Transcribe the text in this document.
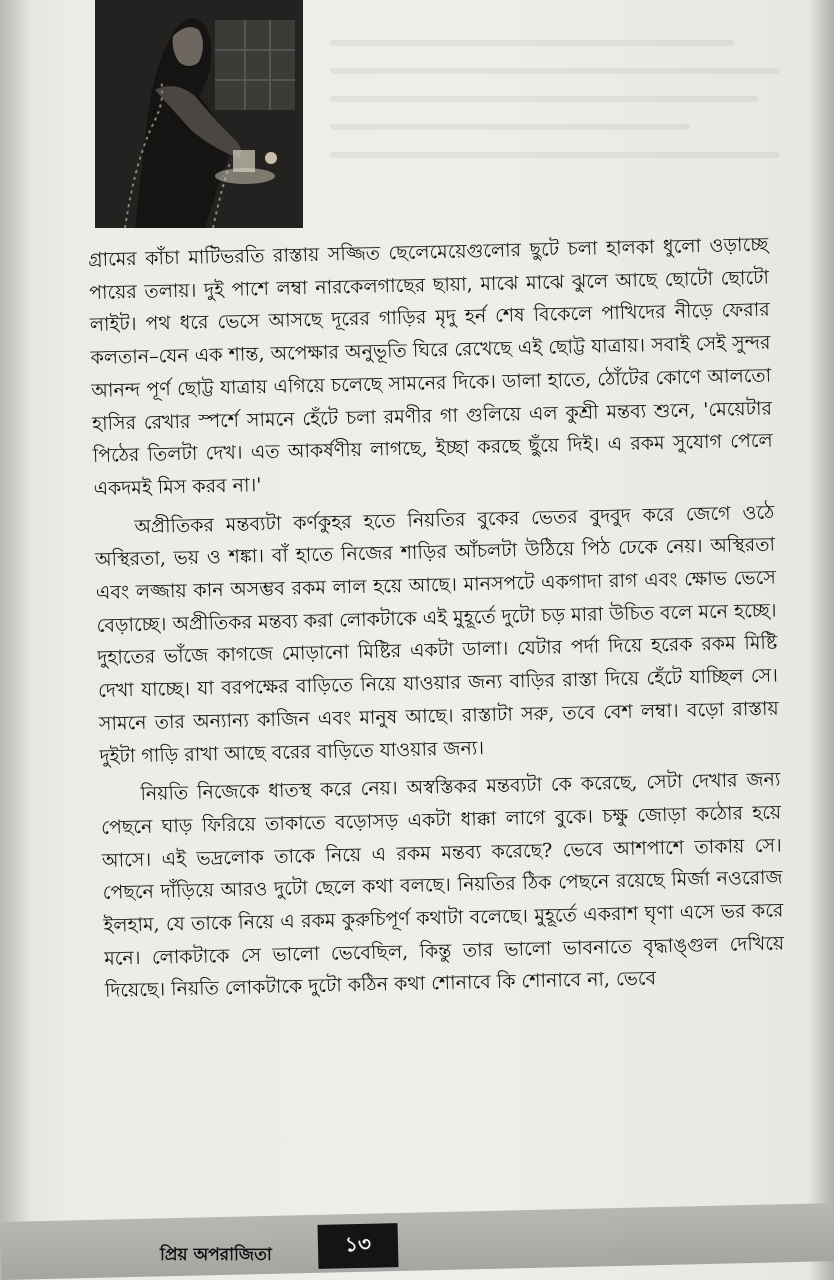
গ্রামের কাঁচা মাটিভরতি রাস্তায় সজ্জিত ছেলেমেয়েগুলোর ছুটে চলা হালকা ধুলো ওড়াচ্ছে পায়ের তলায়। দুই পাশে লম্বা নারকেলগাছের ছায়া, মাঝে মাঝে ঝুলে আছে ছোটো ছোটো লাইট। পথ ধরে ভেসে আসছে দূরের গাড়ির মৃদু হর্ন শেষ বিকেলে পাখিদের নীড়ে ফেরার কলতান–যেন এক শান্ত, অপেক্ষার অনুভূতি ঘিরে রেখেছে এই ছোট্ট যাত্রায়। সবাই সেই সুন্দর আনন্দ পূর্ণ ছোট্ট যাত্রায় এগিয়ে চলেছে সামনের দিকে। ডালা হাতে, ঠোঁটের কোণে আলতো হাসির রেখার স্পর্শে সামনে হেঁটে চলা রমণীর গা গুলিয়ে এল কুশ্রী মন্তব্য শুনে, 'মেয়েটার পিঠের তিলটা দেখ। এত আকর্ষণীয় লাগছে, ইচ্ছা করছে ছুঁয়ে দিই। এ রকম সুযোগ পেলে একদমই মিস করব না।'

অপ্রীতিকর মন্তব্যটা কর্ণকুহর হতে নিয়তির বুকের ভেতর বুদবুদ করে জেগে ওঠে অস্থিরতা, ভয় ও শঙ্কা। বাঁ হাতে নিজের শাড়ির আঁচলটা উঠিয়ে পিঠ ঢেকে নেয়। অস্থিরতা এবং লজ্জায় কান অসম্ভব রকম লাল হয়ে আছে। মানসপটে একগাদা রাগ এবং ক্ষোভ ভেসে বেড়াচ্ছে। অপ্রীতিকর মন্তব্য করা লোকটাকে এই মুহূর্তে দুটো চড় মারা উচিত বলে মনে হচ্ছে। দুহাতের ভাঁজে কাগজে মোড়ানো মিষ্টির একটা ডালা। যেটার পর্দা দিয়ে হরেক রকম মিষ্টি দেখা যাচ্ছে। যা বরপক্ষের বাড়িতে নিয়ে যাওয়ার জন্য বাড়ির রাস্তা দিয়ে হেঁটে যাচ্ছিল সে। সামনে তার অন্যান্য কাজিন এবং মানুষ আছে। রাস্তাটা সরু, তবে বেশ লম্বা। বড়ো রাস্তায় দুইটা গাড়ি রাখা আছে বরের বাড়িতে যাওয়ার জন্য।

নিয়তি নিজেকে ধাতস্থ করে নেয়। অস্বস্তিকর মন্তব্যটা কে করেছে, সেটা দেখার জন্য পেছনে ঘাড় ফিরিয়ে তাকাতে বড়োসড় একটা ধাক্কা লাগে বুকে। চক্ষু জোড়া কঠোর হয়ে আসে। এই ভদ্রলোক তাকে নিয়ে এ রকম মন্তব্য করেছে? ভেবে আশপাশে তাকায় সে। পেছনে দাঁড়িয়ে আরও দুটো ছেলে কথা বলছে। নিয়তির ঠিক পেছনে রয়েছে মির্জা নওরোজ ইলহাম, যে তাকে নিয়ে এ রকম কুরুচিপূর্ণ কথাটা বলেছে। মুহূর্তে একরাশ ঘৃণা এসে ভর করে মনে। লোকটাকে সে ভালো ভেবেছিল, কিন্তু তার ভালো ভাবনাতে বৃদ্ধাঙ্গুল দেখিয়ে দিয়েছে। নিয়তি লোকটাকে দুটো কঠিন কথা শোনাবে কি শোনাবে না, ভেবে

প্রিয় অপরাজিতা	১৩
